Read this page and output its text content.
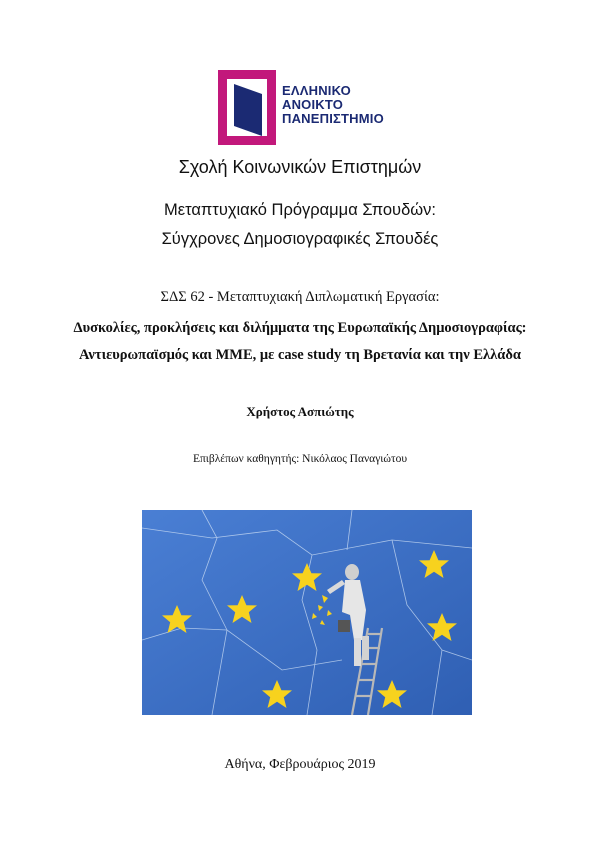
ΕΛΛΗΝΙΚΟ
ΑΝΟΙΚΤΟ
ΠΑΝΕΠΙΣΤΗΜΙΟ
Σχολή Κοινωνικών Επιστημών
Μεταπτυχιακό Πρόγραμμα Σπουδών:
Σύγχρονες Δημοσιογραφικές Σπουδές
ΣΔΣ 62 - Μεταπτυχιακή Διπλωματική Εργασία:
Δυσκολίες, προκλήσεις και διλήμματα της Ευρωπαϊκής Δημοσιογραφίας:
Αντιευρωπαϊσμός και ΜΜΕ, με case study τη Βρετανία και την Ελλάδα
Χρήστος Ασπιώτης
Επιβλέπων καθηγητής: Νικόλαος Παναγιώτου
Αθήνα, Φεβρουάριος 2019
